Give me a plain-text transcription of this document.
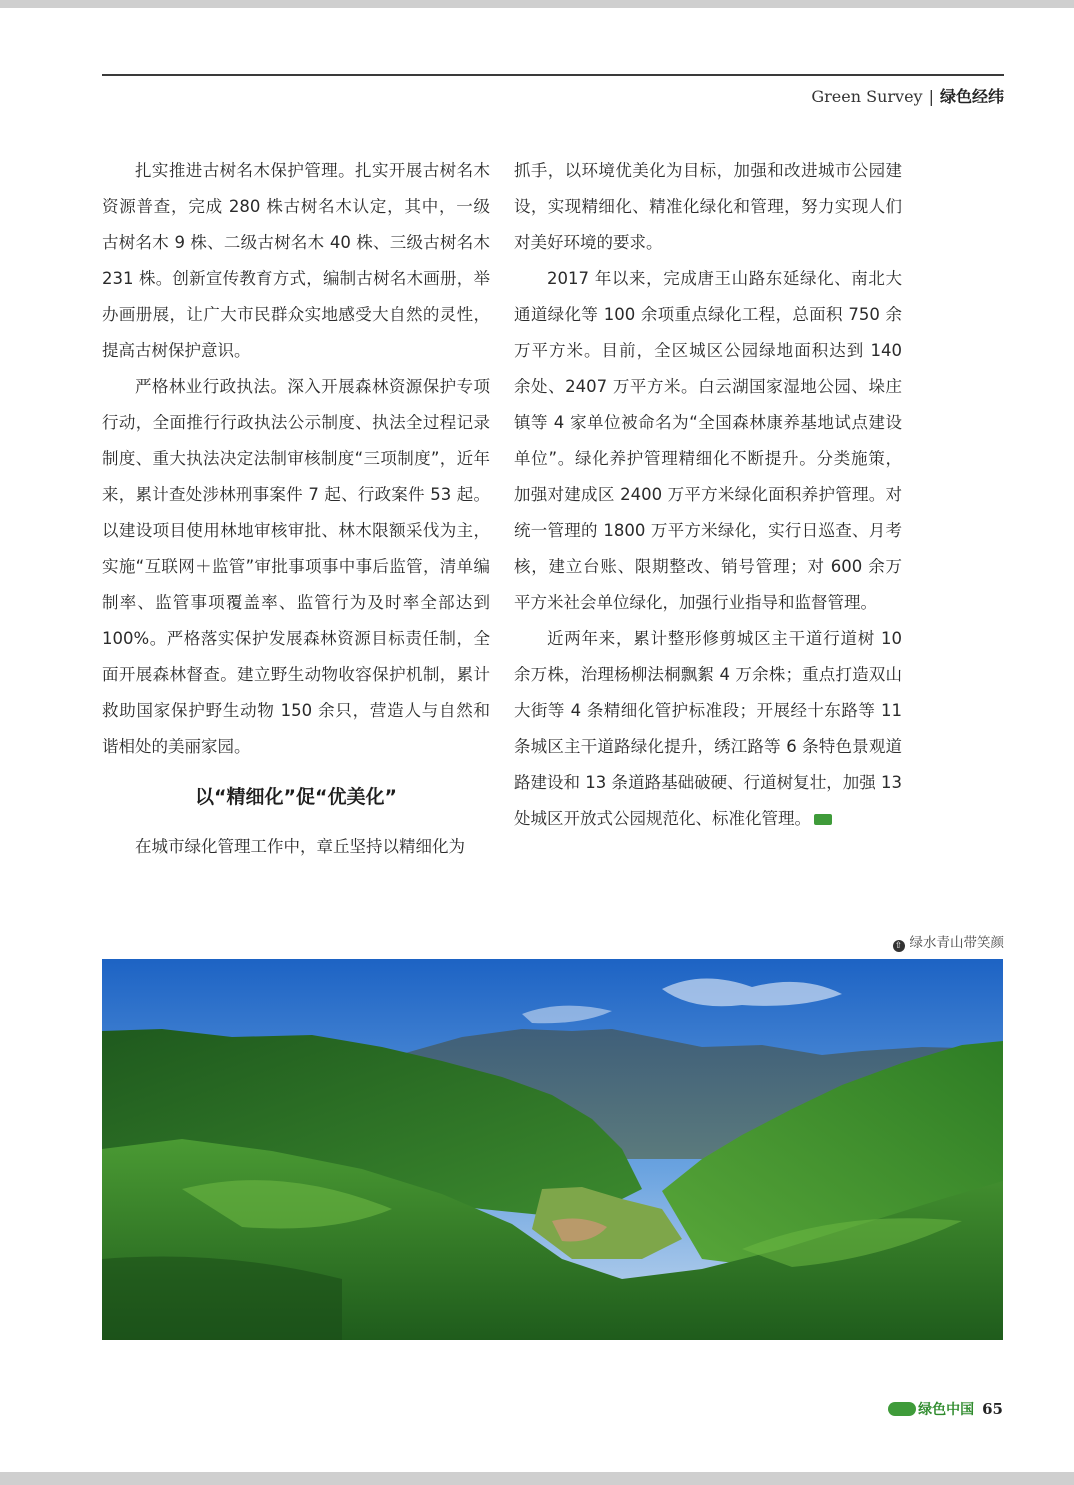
Green Survey | 绿色经纬

扎实推进古树名木保护管理。扎实开展古树名木资源普查，完成 280 株古树名木认定，其中，一级古树名木 9 株、二级古树名木 40 株、三级古树名木 231 株。创新宣传教育方式，编制古树名木画册，举办画册展，让广大市民群众实地感受大自然的灵性，提高古树保护意识。

严格林业行政执法。深入开展森林资源保护专项行动，全面推行行政执法公示制度、执法全过程记录制度、重大执法决定法制审核制度“三项制度”，近年来，累计查处涉林刑事案件 7 起、行政案件 53 起。以建设项目使用林地审核审批、林木限额采伐为主，实施“互联网＋监管”审批事项事中事后监管，清单编制率、监管事项覆盖率、监管行为及时率全部达到 100%。严格落实保护发展森林资源目标责任制，全面开展森林督查。建立野生动物收容保护机制，累计救助国家保护野生动物 150 余只，营造人与自然和谐相处的美丽家园。

以“精细化”促“优美化”

在城市绿化管理工作中，章丘坚持以精细化为

抓手，以环境优美化为目标，加强和改进城市公园建设，实现精细化、精准化绿化和管理，努力实现人们对美好环境的要求。

2017 年以来，完成唐王山路东延绿化、南北大通道绿化等 100 余项重点绿化工程，总面积 750 余万平方米。目前，全区城区公园绿地面积达到 140 余处、2407 万平方米。白云湖国家湿地公园、垛庄镇等 4 家单位被命名为“全国森林康养基地试点建设单位”。绿化养护管理精细化不断提升。分类施策，加强对建成区 2400 万平方米绿化面积养护管理。对统一管理的 1800 万平方米绿化，实行日巡查、月考核，建立台账、限期整改、销号管理；对 600 余万平方米社会单位绿化，加强行业指导和监督管理。

近两年来，累计整形修剪城区主干道行道树 10 余万株，治理杨柳法桐飘絮 4 万余株；重点打造双山大街等 4 条精细化管护标准段；开展经十东路等 11 条城区主干道路绿化提升，绣江路等 6 条特色景观道路建设和 13 条道路基础破硬、行道树复壮，加强 13 处城区开放式公园规范化、标准化管理。	GC

⇧ 绿水青山带笑颜
绿色中国 65
